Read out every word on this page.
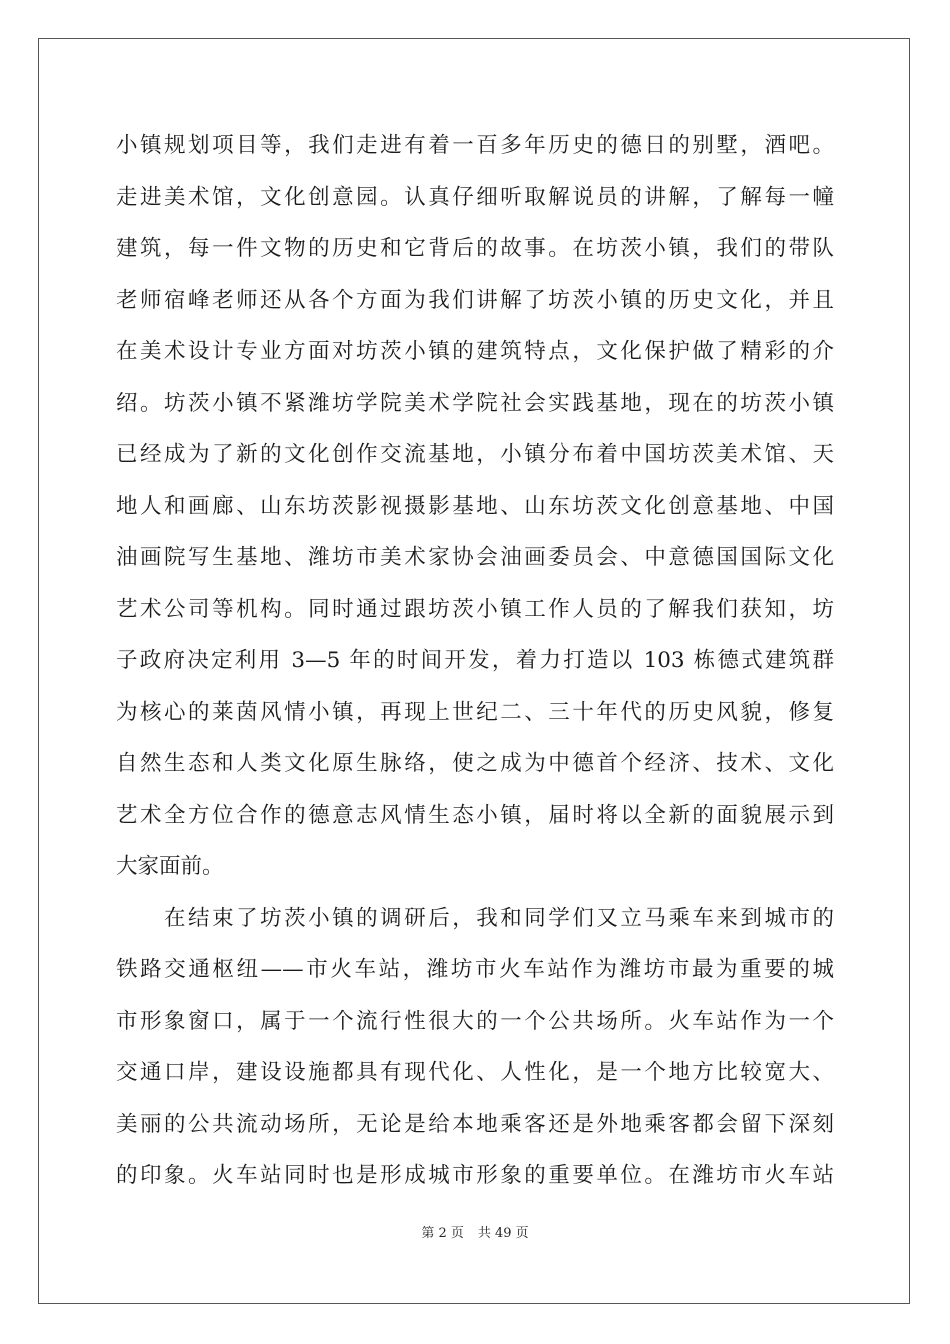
小镇规划项目等，我们走进有着一百多年历史的德日的别墅，酒吧。
走进美术馆，文化创意园。认真仔细听取解说员的讲解，了解每一幢
建筑，每一件文物的历史和它背后的故事。在坊茨小镇，我们的带队
老师宿峰老师还从各个方面为我们讲解了坊茨小镇的历史文化，并且
在美术设计专业方面对坊茨小镇的建筑特点，文化保护做了精彩的介
绍。坊茨小镇不紧潍坊学院美术学院社会实践基地，现在的坊茨小镇
已经成为了新的文化创作交流基地，小镇分布着中国坊茨美术馆、天
地人和画廊、山东坊茨影视摄影基地、山东坊茨文化创意基地、中国
油画院写生基地、潍坊市美术家协会油画委员会、中意德国国际文化
艺术公司等机构。同时通过跟坊茨小镇工作人员的了解我们获知，坊
子政府决定利用 3—5 年的时间开发，着力打造以 103 栋德式建筑群
为核心的莱茵风情小镇，再现上世纪二、三十年代的历史风貌，修复
自然生态和人类文化原生脉络，使之成为中德首个经济、技术、文化
艺术全方位合作的德意志风情生态小镇，届时将以全新的面貌展示到
大家面前。
　　在结束了坊茨小镇的调研后，我和同学们又立马乘车来到城市的
铁路交通枢纽——市火车站，潍坊市火车站作为潍坊市最为重要的城
市形象窗口，属于一个流行性很大的一个公共场所。火车站作为一个
交通口岸，建设设施都具有现代化、人性化，是一个地方比较宽大、
美丽的公共流动场所，无论是给本地乘客还是外地乘客都会留下深刻
的印象。火车站同时也是形成城市形象的重要单位。在潍坊市火车站
第 2 页 共 49 页
